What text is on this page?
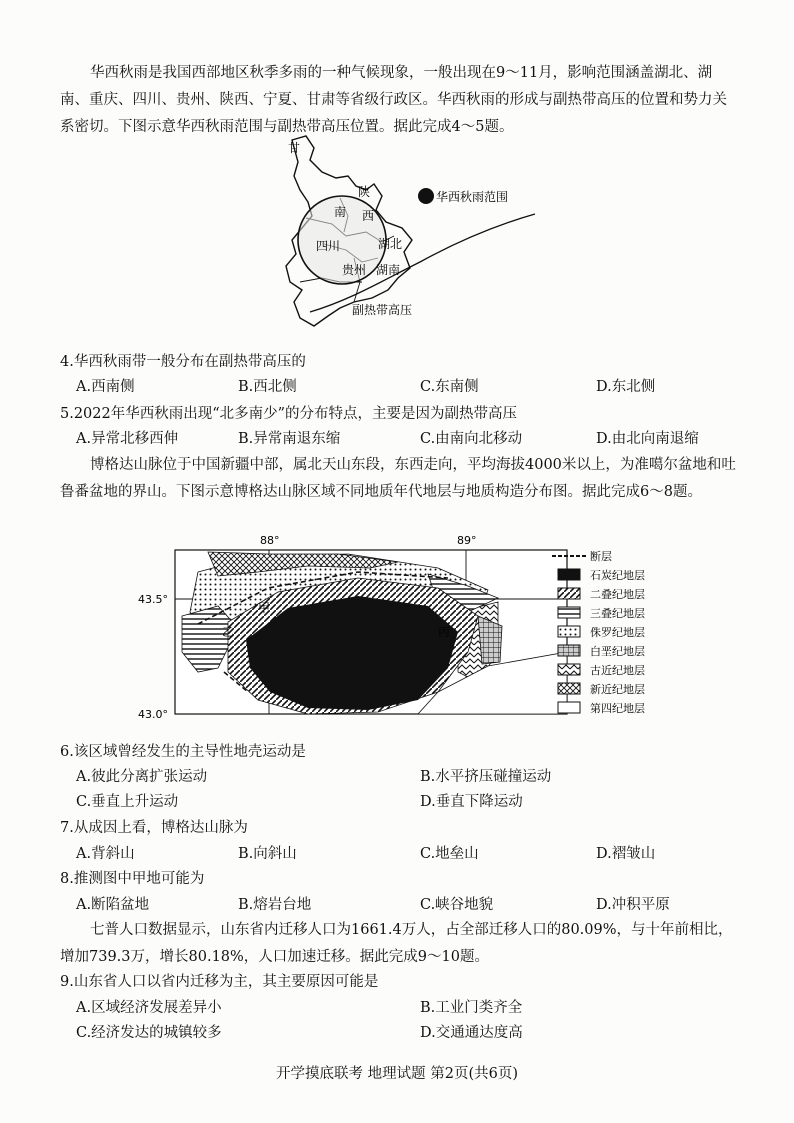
华西秋雨是我国西部地区秋季多雨的一种气候现象，一般出现在9～11月，影响范围涵盖湖北、湖南、重庆、四川、贵州、陕西、宁夏、甘肃等省级行政区。华西秋雨的形成与副热带高压的位置和势力关系密切。下图示意华西秋雨范围与副热带高压位置。据此完成4～5题。
甘
陕
南 西
四川	湖北
贵州 湖南
副热带高压
华西秋雨范围
4.华西秋雨带一般分布在副热带高压的
A.西南侧	B.西北侧	C.东南侧	D.东北侧
5.2022年华西秋雨出现“北多南少”的分布特点，主要是因为副热带高压
A.异常北移西伸	B.异常南退东缩	C.由南向北移动	D.由北向南退缩
博格达山脉位于中国新疆中部，属北天山东段，东西走向，平均海拔4000米以上，为准噶尔盆地和吐鲁番盆地的界山。下图示意博格达山脉区域不同地质年代地层与地质构造分布图。据此完成6～8题。
乙
甲
丙
88°	89°
43.5°
43.0°
断层
石炭纪地层
二叠纪地层
三叠纪地层
侏罗纪地层
白垩纪地层
古近纪地层
新近纪地层
第四纪地层
6.该区域曾经发生的主导性地壳运动是
A.彼此分离扩张运动	B.水平挤压碰撞运动
C.垂直上升运动	D.垂直下降运动
7.从成因上看，博格达山脉为
A.背斜山	B.向斜山	C.地垒山	D.褶皱山
8.推测图中甲地可能为
A.断陷盆地	B.熔岩台地	C.峡谷地貌	D.冲积平原
七普人口数据显示，山东省内迁移人口为1661.4万人，占全部迁移人口的80.09%，与十年前相比，增加739.3万，增长80.18%，人口加速迁移。据此完成9～10题。
9.山东省人口以省内迁移为主，其主要原因可能是
A.区域经济发展差异小	B.工业门类齐全
C.经济发达的城镇较多	D.交通通达度高
开学摸底联考 地理试题 第2页(共6页)
